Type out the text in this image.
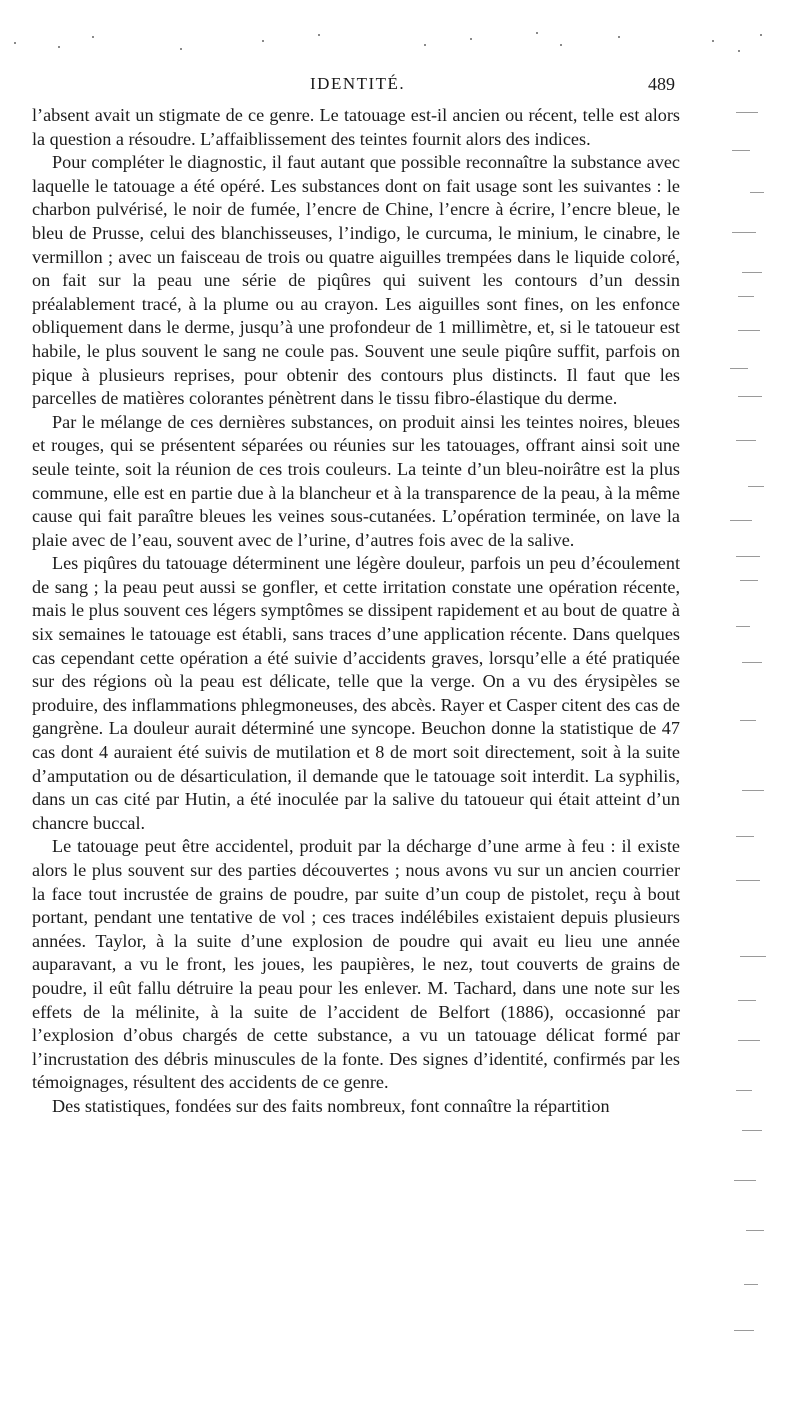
IDENTITÉ.	489

l’absent avait un stigmate de ce genre. Le tatouage est-il ancien ou récent, telle est alors la question a résoudre. L’affaiblissement des teintes fournit alors des indices.

Pour compléter le diagnostic, il faut autant que possible reconnaître la substance avec laquelle le tatouage a été opéré. Les substances dont on fait usage sont les suivantes : le charbon pulvérisé, le noir de fumée, l’encre de Chine, l’encre à écrire, l’encre bleue, le bleu de Prusse, celui des blanchisseuses, l’indigo, le curcuma, le minium, le cinabre, le vermillon ; avec un faisceau de trois ou quatre aiguilles trempées dans le liquide coloré, on fait sur la peau une série de piqûres qui suivent les contours d’un dessin préalablement tracé, à la plume ou au crayon. Les aiguilles sont fines, on les enfonce obliquement dans le derme, jusqu’à une profondeur de 1 millimètre, et, si le tatoueur est habile, le plus souvent le sang ne coule pas. Souvent une seule piqûre suffit, parfois on pique à plusieurs reprises, pour obtenir des contours plus distincts. Il faut que les parcelles de matières colorantes pénètrent dans le tissu fibro-élastique du derme.

Par le mélange de ces dernières substances, on produit ainsi les teintes noires, bleues et rouges, qui se présentent séparées ou réunies sur les tatouages, offrant ainsi soit une seule teinte, soit la réunion de ces trois couleurs. La teinte d’un bleu-noirâtre est la plus commune, elle est en partie due à la blancheur et à la transparence de la peau, à la même cause qui fait paraître bleues les veines sous-cutanées. L’opération terminée, on lave la plaie avec de l’eau, souvent avec de l’urine, d’autres fois avec de la salive.

Les piqûres du tatouage déterminent une légère douleur, parfois un peu d’écoulement de sang ; la peau peut aussi se gonfler, et cette irritation constate une opération récente, mais le plus souvent ces légers symptômes se dissipent rapidement et au bout de quatre à six semaines le tatouage est établi, sans traces d’une application récente. Dans quelques cas cependant cette opération a été suivie d’accidents graves, lorsqu’elle a été pratiquée sur des régions où la peau est délicate, telle que la verge. On a vu des érysipèles se produire, des inflammations phlegmoneuses, des abcès. Rayer et Casper citent des cas de gangrène. La douleur aurait déterminé une syncope. Beuchon donne la statistique de 47 cas dont 4 auraient été suivis de mutilation et 8 de mort soit directement, soit à la suite d’amputation ou de désarticulation, il demande que le tatouage soit interdit. La syphilis, dans un cas cité par Hutin, a été inoculée par la salive du tatoueur qui était atteint d’un chancre buccal.

Le tatouage peut être accidentel, produit par la décharge d’une arme à feu : il existe alors le plus souvent sur des parties découvertes ; nous avons vu sur un ancien courrier la face tout incrustée de grains de poudre, par suite d’un coup de pistolet, reçu à bout portant, pendant une tentative de vol ; ces traces indélébiles existaient depuis plusieurs années. Taylor, à la suite d’une explosion de poudre qui avait eu lieu une année auparavant, a vu le front, les joues, les paupières, le nez, tout couverts de grains de poudre, il eût fallu détruire la peau pour les enlever. M. Tachard, dans une note sur les effets de la mélinite, à la suite de l’accident de Belfort (1886), occasionné par l’explosion d’obus chargés de cette substance, a vu un tatouage délicat formé par l’incrustation des débris minuscules de la fonte. Des signes d’identité, confirmés par les témoignages, résultent des accidents de ce genre.

Des statistiques, fondées sur des faits nombreux, font connaître la répartition
